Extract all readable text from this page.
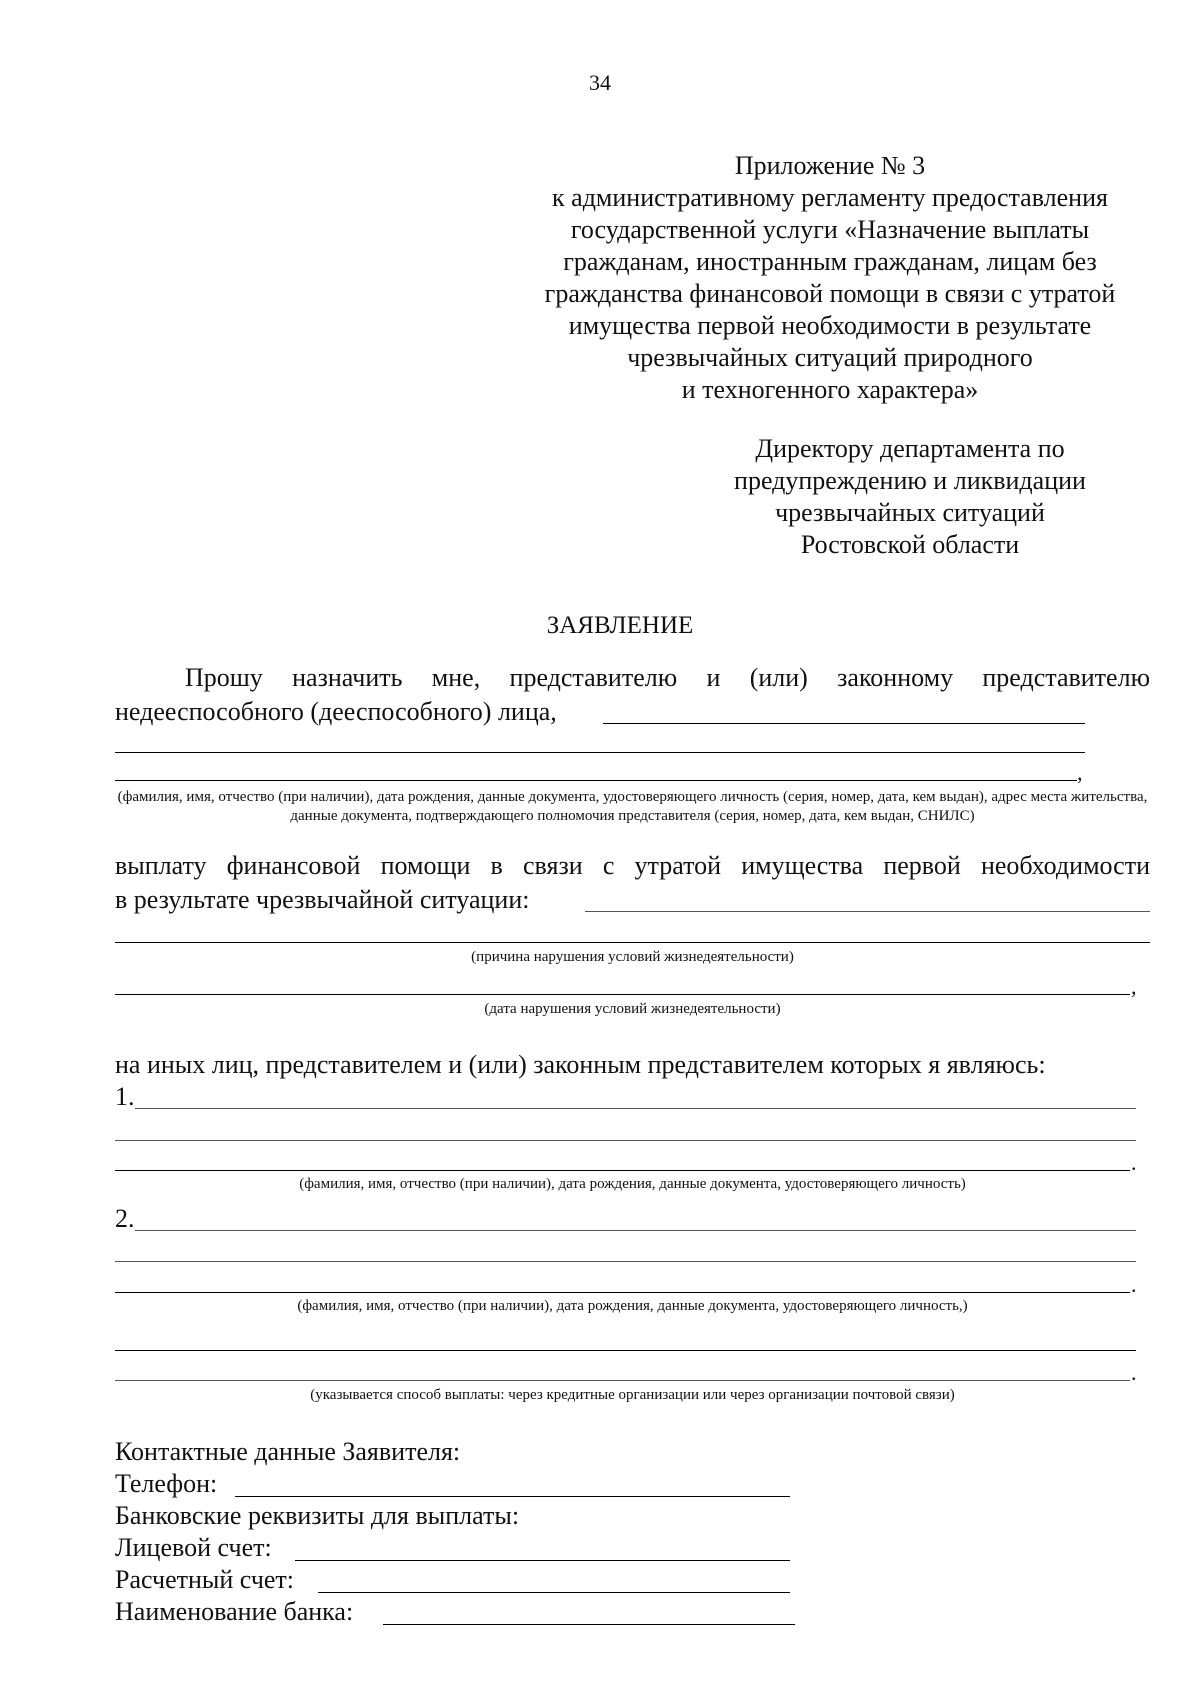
34
Приложение № 3
к административному регламенту предоставления
государственной услуги «Назначение выплаты
гражданам, иностранным гражданам, лицам без
гражданства финансовой помощи в связи с утратой
имущества первой необходимости в результате
чрезвычайных ситуаций природного
и техногенного характера»
Директору департамента по
предупреждению и ликвидации
чрезвычайных ситуаций
Ростовской области
ЗАЯВЛЕНИЕ
Прошу назначить мне, представителю и (или) законному представителю
недееспособного (дееспособного) лица,
,
(фамилия, имя, отчество (при наличии), дата рождения, данные документа, удостоверяющего личность (серия, номер, дата, кем выдан), адрес места жительства, данные документа, подтверждающего полномочия представителя (серия, номер, дата, кем выдан, СНИЛС)
выплату финансовой помощи в связи с утратой имущества первой необходимости
в результате чрезвычайной ситуации:
(причина нарушения условий жизнедеятельности)
,
(дата нарушения условий жизнедеятельности)
на иных лиц, представителем и (или) законным представителем которых я являюсь:
1.
.
(фамилия, имя, отчество (при наличии), дата рождения, данные документа, удостоверяющего личность)
2.
.
(фамилия, имя, отчество (при наличии), дата рождения, данные документа, удостоверяющего личность,)
.
(указывается способ выплаты: через кредитные организации или через организации почтовой связи)
Контактные данные Заявителя:
Телефон:
Банковские реквизиты для выплаты:
Лицевой счет:
Расчетный счет:
Наименование банка:
